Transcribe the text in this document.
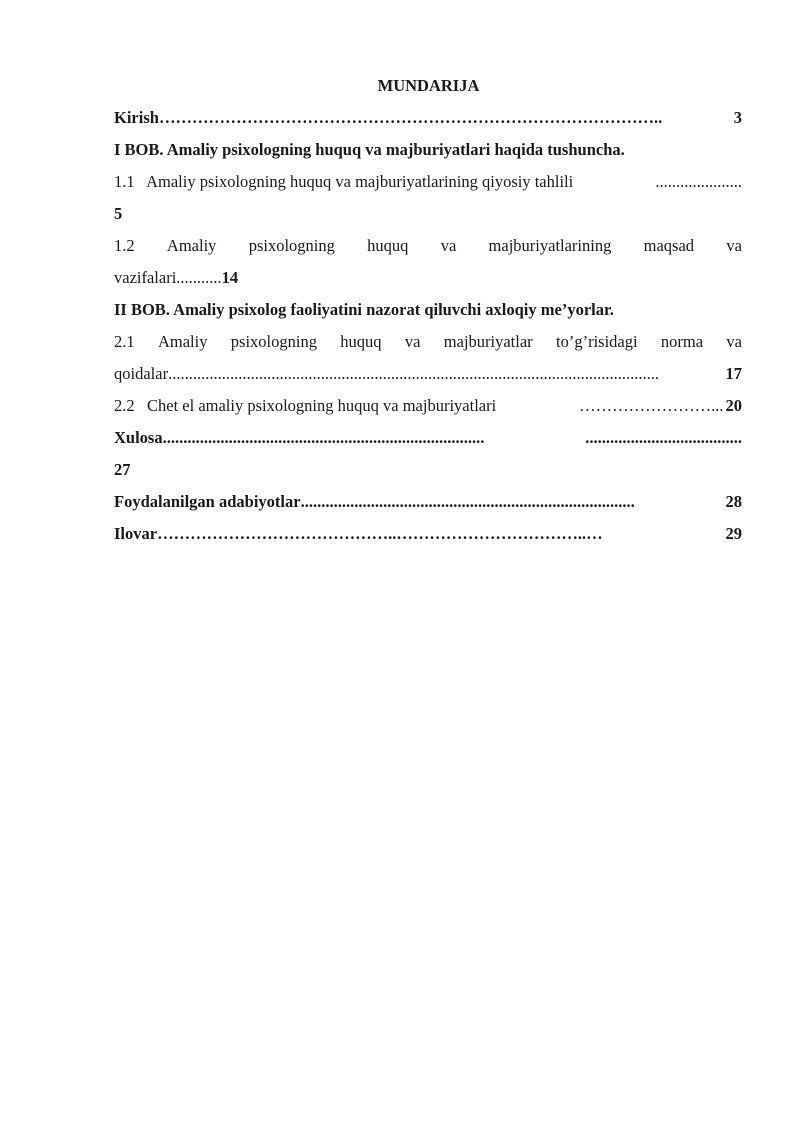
MUNDARIJA
Kirish ………………………………………………………………………………..	3
I BOB. Amaliy psixologning huquq va majburiyatlari haqida tushuncha.
1.1 Amaliy psixologning huquq va majburiyatlarining qiyosiy tahlili	.....................
5
1.2 Amaliy psixologning huquq va majburiyatlarining maqsad va
vazifalari...........14
II BOB. Amaliy psixolog faoliyatini nazorat qiluvchi axloqiy me’yorlar.
2.1 Amaliy psixologning huquq va majburiyatlar to’g’risidagi norma va
qoidalar .......................................................................................................................	17
2.2 Chet el amaliy psixologning huquq va majburiyatlari	……………………... 20
Xulosa..............................................................................	......................................
27
Foydalanilgan adabiyotlar .................................................................................	28
Ilovar ……………………………………..……………………………..…	29
